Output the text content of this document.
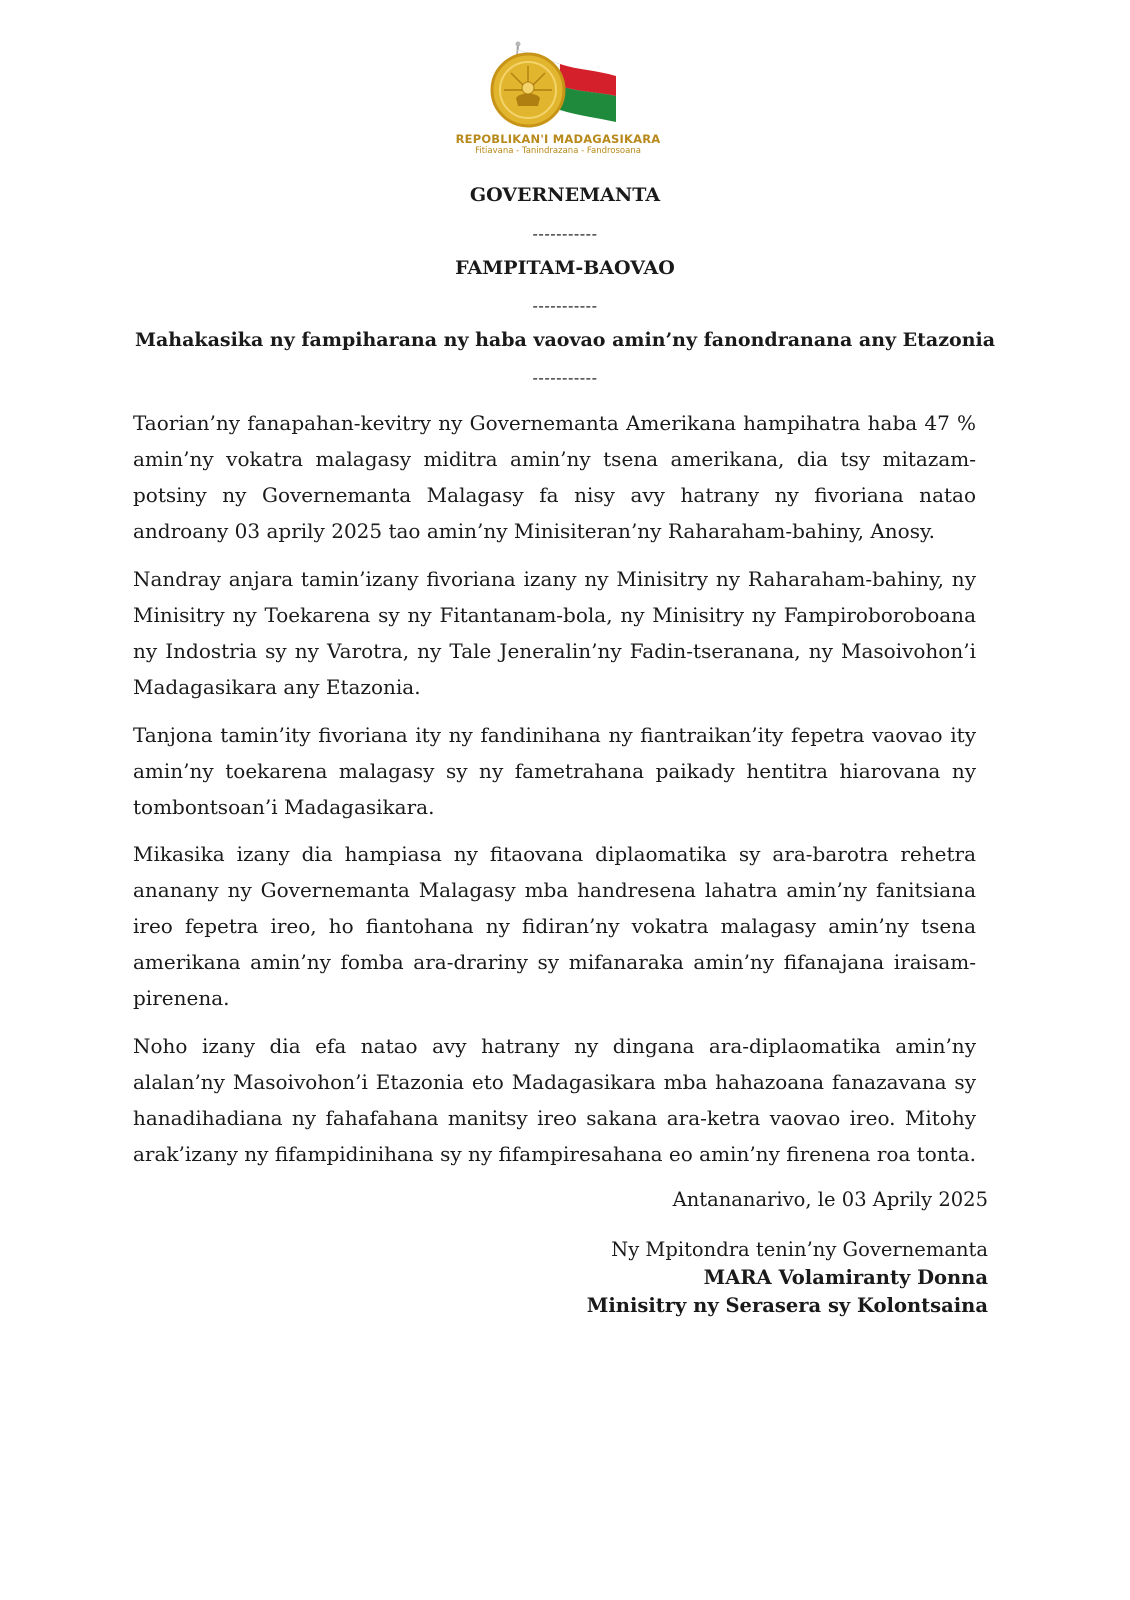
REPOBLIKAN'I MADAGASIKARA
Fitiavana - Tanindrazana - Fandrosoana
GOVERNEMANTA
-----------
FAMPITAM-BAOVAO
-----------
Mahakasika ny fampiharana ny haba vaovao amin’ny fanondranana any Etazonia
-----------

Taorian’ny fanapahan-kevitry ny Governemanta Amerikana hampihatra haba 47 % amin’ny vokatra malagasy miditra amin’ny tsena amerikana, dia tsy mitazam-potsiny ny Governemanta Malagasy fa nisy avy hatrany ny fivoriana natao androany 03 aprily 2025 tao amin’ny Minisiteran’ny Raharaham-bahiny, Anosy.

Nandray anjara tamin’izany fivoriana izany ny Minisitry ny Raharaham-bahiny, ny Minisitry ny Toekarena sy ny Fitantanam-bola, ny Minisitry ny Fampiroboroboana ny Indostria sy ny Varotra, ny Tale Jeneralin’ny Fadin-tseranana, ny Masoivohon’i Madagasikara any Etazonia.

Tanjona tamin’ity fivoriana ity ny fandinihana ny fiantraikan’ity fepetra vaovao ity amin’ny toekarena malagasy sy ny fametrahana paikady hentitra hiarovana ny tombontsoan’i Madagasikara.

Mikasika izany dia hampiasa ny fitaovana diplaomatika sy ara-barotra rehetra ananany ny Governemanta Malagasy mba handresena lahatra amin’ny fanitsiana ireo fepetra ireo, ho fiantohana ny fidiran’ny vokatra malagasy amin’ny tsena amerikana amin’ny fomba ara-drariny sy mifanaraka amin’ny fifanajana iraisam-pirenena.

Noho izany dia efa natao avy hatrany ny dingana ara-diplaomatika amin’ny alalan’ny Masoivohon’i Etazonia eto Madagasikara mba hahazoana fanazavana sy hanadihadiana ny fahafahana manitsy ireo sakana ara-ketra vaovao ireo. Mitohy arak’izany ny fifampidinihana sy ny fifampiresahana eo amin’ny firenena roa tonta.

Antananarivo, le 03 Aprily 2025
Ny Mpitondra tenin’ny Governemanta
MARA Volamiranty Donna
Minisitry ny Serasera sy Kolontsaina
